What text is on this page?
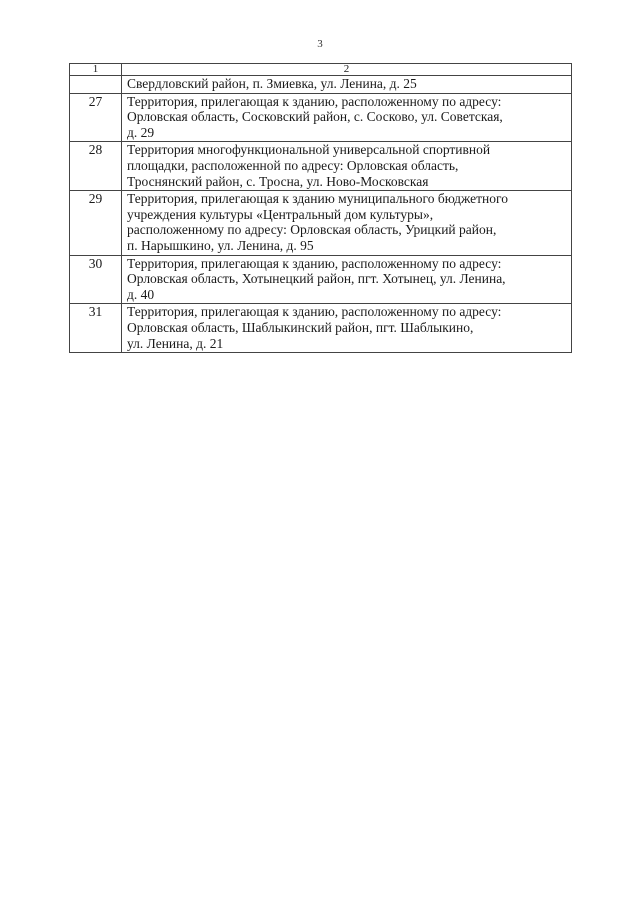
3
1	2

	Свердловский район, п. Змиевка, ул. Ленина, д. 25

27	Территория, прилегающая к зданию, расположенному по адресу:
Орловская область, Сосковский район, с. Сосково, ул. Советская,
д. 29

28	Территория многофункциональной универсальной спортивной
площадки, расположенной по адресу: Орловская область,
Троснянский район, с. Тросна, ул. Ново-Московская

29	Территория, прилегающая к зданию муниципального бюджетного
учреждения культуры «Центральный дом культуры»,
расположенному по адресу: Орловская область, Урицкий район,
п. Нарышкино, ул. Ленина, д. 95

30	Территория, прилегающая к зданию, расположенному по адресу:
Орловская область, Хотынецкий район, пгт. Хотынец, ул. Ленина,
д. 40

31	Территория, прилегающая к зданию, расположенному по адресу:
Орловская область, Шаблыкинский район, пгт. Шаблыкино,
ул. Ленина, д. 21
